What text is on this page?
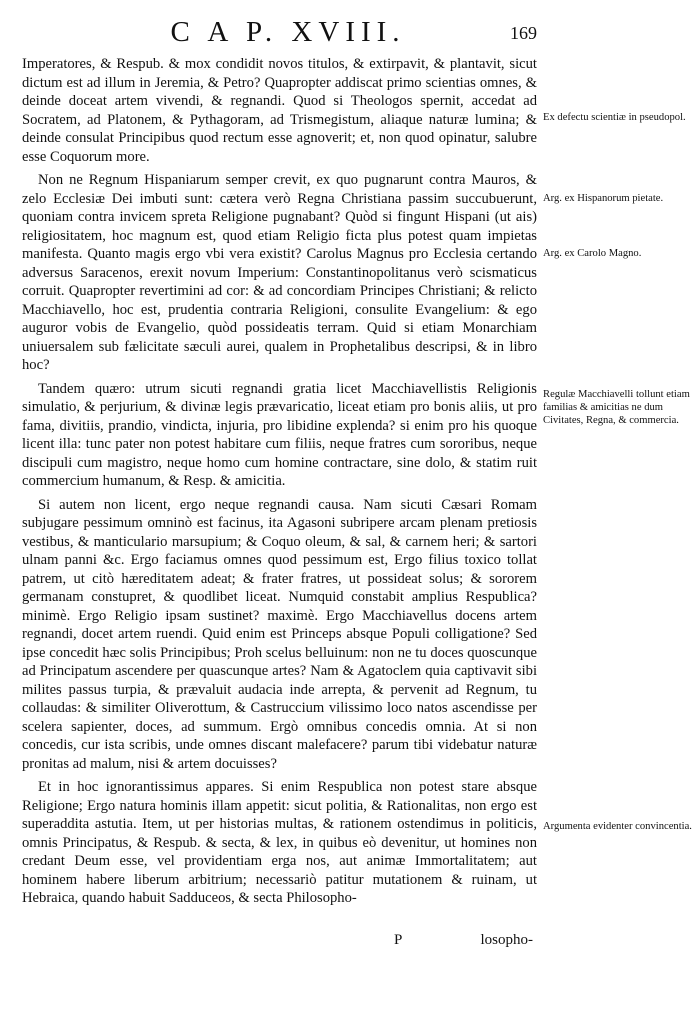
C A P. XVIII.	169

Imperatores, & Respub. & mox condidit novos titulos, & extirpavit, & plantavit, sicut dictum est ad illum in Jeremia, & Petro? Quapropter addiscat primo scientias omnes, & deinde doceat artem vivendi, & regnandi. Quod si Theologos spernit, accedat ad Socratem, ad Platonem, & Pythagoram, ad Trismegistum, aliaque naturæ lumina; & deinde consulat Principibus quod rectum esse agnoverit; et, non quod opinatur, salubre esse Coquorum more.

Non ne Regnum Hispaniarum semper crevit, ex quo pugnarunt contra Mauros, & zelo Ecclesiæ Dei imbuti sunt: cætera verò Regna Christiana passim succubuerunt, quoniam contra invicem spreta Religione pugnabant? Quòd si fingunt Hispani (ut ais) religiositatem, hoc magnum est, quod etiam Religio ficta plus potest quam impietas manifesta. Quanto magis ergo vbi vera existit? Carolus Magnus pro Ecclesia certando adversus Saracenos, erexit novum Imperium: Constantinopolitanus verò scismaticus corruit. Quapropter revertimini ad cor: & ad concordiam Principes Christiani; & relicto Macchiavello, hoc est, prudentia contraria Religioni, consulite Evangelium: & ego auguror vobis de Evangelio, quòd possideatis terram. Quid si etiam Monarchiam uniuersalem sub fælicitate sæculi aurei, qualem in Prophetalibus descripsi, & in libro hoc?

Tandem quæro: utrum sicuti regnandi gratia licet Macchiavellistis Religionis simulatio, & perjurium, & divinæ legis prævaricatio, liceat etiam pro bonis aliis, ut pro fama, divitiis, prandio, vindicta, injuria, pro libidine explenda? si enim pro his quoque licent illa: tunc pater non potest habitare cum filiis, neque fratres cum sororibus, neque discipuli cum magistro, neque homo cum homine contractare, sine dolo, & statim ruit commercium humanum, & Resp. & amicitia.

Si autem non licent, ergo neque regnandi causa. Nam sicuti Cæsari Romam subjugare pessimum omninò est facinus, ita Agasoni subripere arcam plenam pretiosis vestibus, & manticulario marsupium; & Coquo oleum, & sal, & carnem heri; & sartori ulnam panni &c. Ergo faciamus omnes quod pessimum est, Ergo filius toxico tollat patrem, ut citò hæreditatem adeat; & frater fratres, ut possideat solus; & sororem germanam constupret, & quodlibet liceat. Numquid constabit amplius Respublica? minimè. Ergo Religio ipsam sustinet? maximè. Ergo Macchiavellus docens artem regnandi, docet artem ruendi. Quid enim est Princeps absque Populi colligatione? Sed ipse concedit hæc solis Principibus; Proh scelus belluinum: non ne tu doces quoscunque ad Principatum ascendere per quascunque artes? Nam & Agatoclem quia captivavit sibi milites passus turpia, & prævaluit audacia inde arrepta, & pervenit ad Regnum, tu collaudas: & similiter Oliverottum, & Castruccium vilissimo loco natos ascendisse per scelera sapienter, doces, ad summum. Ergò omnibus concedis omnia. At si non concedis, cur ista scribis, unde omnes discant malefacere? parum tibi videbatur naturæ pronitas ad malum, nisi & artem docuisses?

Et in hoc ignorantissimus appares. Si enim Respublica non potest stare absque Religione; Ergo natura hominis illam appetit: sicut politia, & Rationalitas, non ergo est superaddita astutia. Item, ut per historias multas, & rationem ostendimus in politicis, omnis Principatus, & Respub. & secta, & lex, in quibus eò devenitur, ut homines non credant Deum esse, vel providentiam erga nos, aut animæ Immortalitatem; aut hominem habere liberum arbitrium; necessariò patitur mutationem & ruinam, ut Hebraica, quando habuit Sadduceos, & secta Philosopho-

Ex defectu scientiæ in pseudopol.
Arg. ex Hispanorum pietate.
Arg. ex Carolo Magno.
Regulæ Macchiavelli tollunt etiam familias & amicitias ne dum Civitates, Regna, & commercia.
Argumenta evidenter convincentia.
P	losopho-
